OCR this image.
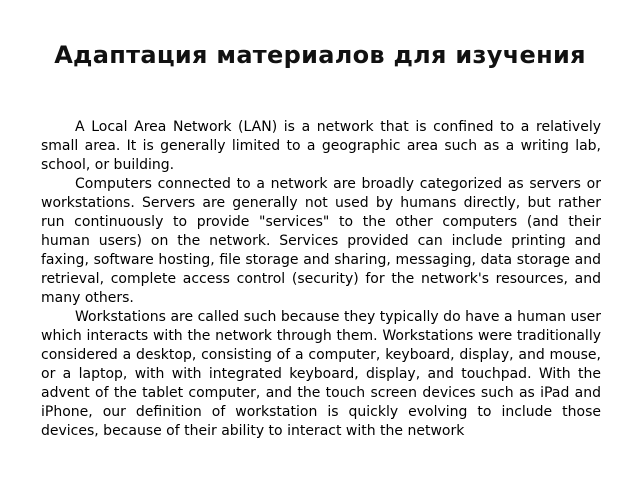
Адаптация материалов для изучения

A Local Area Network (LAN) is a network that is confined to a relatively small area. It is generally limited to a geographic area such as a writing lab, school, or building.

Computers connected to a network are broadly categorized as servers or workstations. Servers are generally not used by humans directly, but rather run continuously to provide "services" to the other computers (and their human users) on the network. Services provided can include printing and faxing, software hosting, file storage and sharing, messaging, data storage and retrieval, complete access control (security) for the network's resources, and many others.

Workstations are called such because they typically do have a human user which interacts with the network through them. Workstations were traditionally considered a desktop, consisting of a computer, keyboard, display, and mouse, or a laptop, with with integrated keyboard, display, and touchpad. With the advent of the tablet computer, and the touch screen devices such as iPad and iPhone, our definition of workstation is quickly evolving to include those devices, because of their ability to interact with the network
